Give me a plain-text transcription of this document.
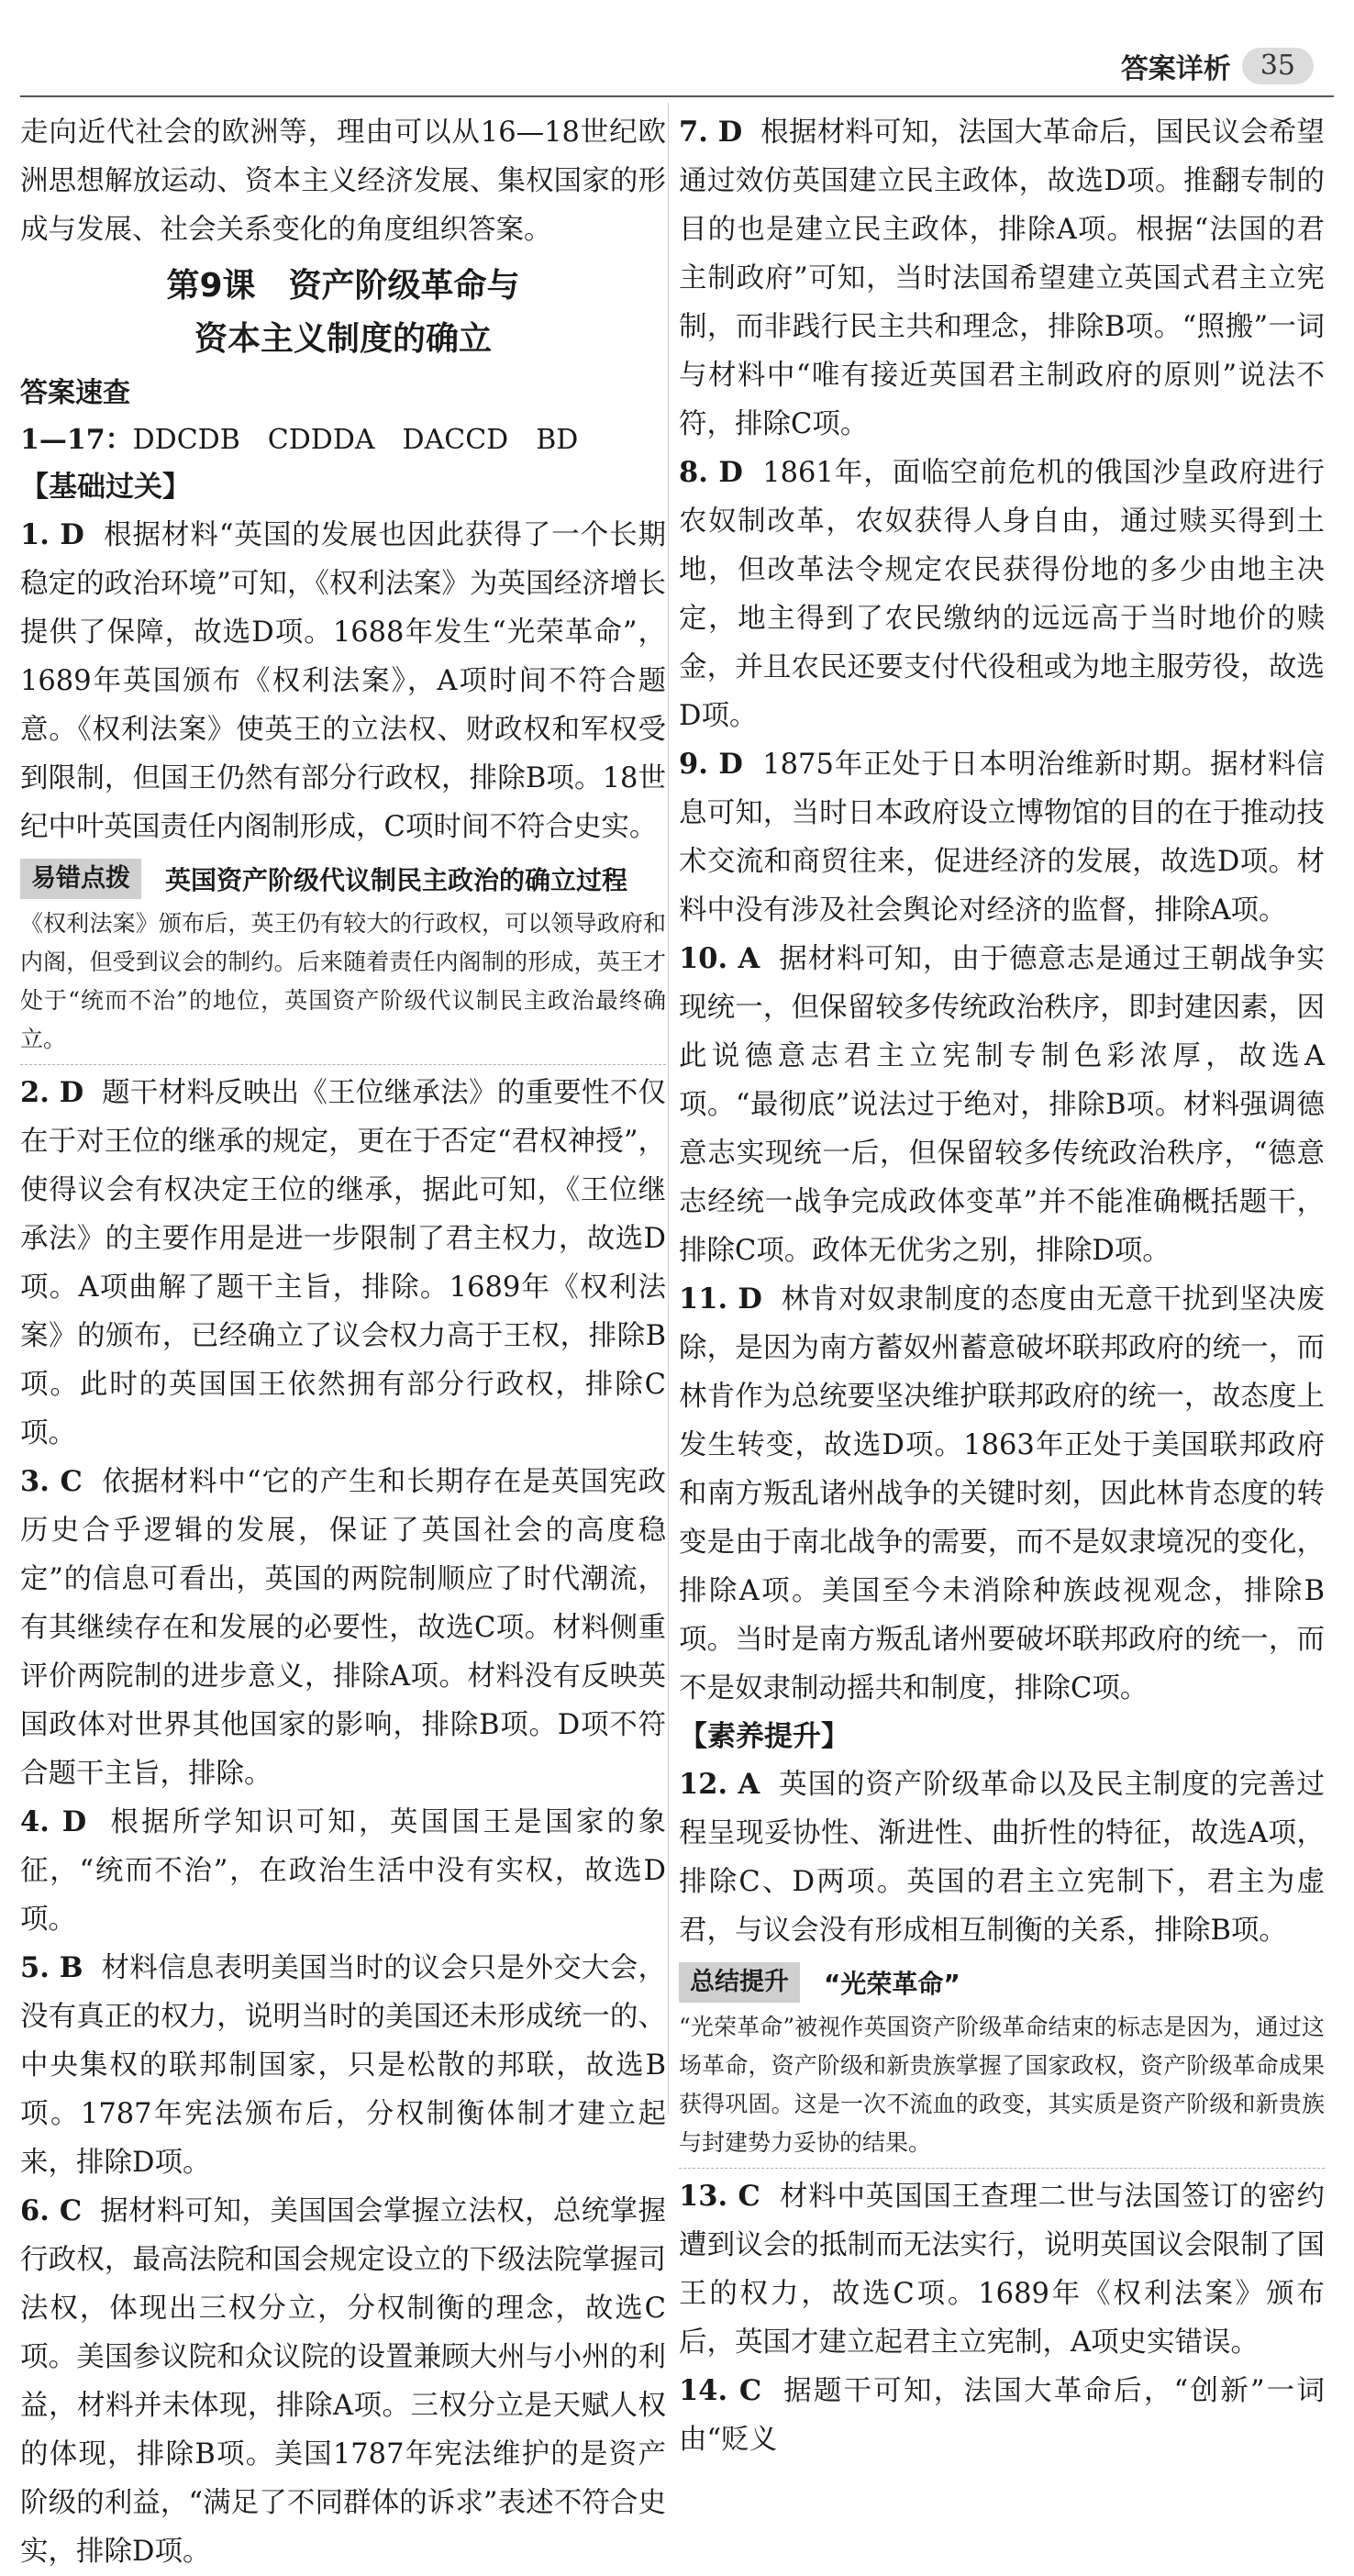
答案详析	35

走向近代社会的欧洲等，理由可以从16—18世纪欧洲思想解放运动、资本主义经济发展、集权国家的形成与发展、社会关系变化的角度组织答案。

第9课　资产阶级革命与
资本主义制度的确立
答案速查
1—17：DDCDB　CDDDA　DACCD　BD
【基础过关】

1. D 根据材料“英国的发展也因此获得了一个长期稳定的政治环境”可知，《权利法案》为英国经济增长提供了保障，故选D项。1688年发生“光荣革命”，1689年英国颁布《权利法案》，A项时间不符合题意。《权利法案》使英王的立法权、财政权和军权受到限制，但国王仍然有部分行政权，排除B项。18世纪中叶英国责任内阁制形成，C项时间不符合史实。

易错点拨	英国资产阶级代议制民主政治的确立过程

《权利法案》颁布后，英王仍有较大的行政权，可以领导政府和内阁，但受到议会的制约。后来随着责任内阁制的形成，英王才处于“统而不治”的地位，英国资产阶级代议制民主政治最终确立。

2. D 题干材料反映出《王位继承法》的重要性不仅在于对王位的继承的规定，更在于否定“君权神授”，使得议会有权决定王位的继承，据此可知，《王位继承法》的主要作用是进一步限制了君主权力，故选D项。A项曲解了题干主旨，排除。1689年《权利法案》的颁布，已经确立了议会权力高于王权，排除B项。此时的英国国王依然拥有部分行政权，排除C项。

3. C 依据材料中“它的产生和长期存在是英国宪政历史合乎逻辑的发展，保证了英国社会的高度稳定”的信息可看出，英国的两院制顺应了时代潮流，有其继续存在和发展的必要性，故选C项。材料侧重评价两院制的进步意义，排除A项。材料没有反映英国政体对世界其他国家的影响，排除B项。D项不符合题干主旨，排除。

4. D 根据所学知识可知，英国国王是国家的象征，“统而不治”，在政治生活中没有实权，故选D项。

5. B 材料信息表明美国当时的议会只是外交大会，没有真正的权力，说明当时的美国还未形成统一的、中央集权的联邦制国家，只是松散的邦联，故选B项。1787年宪法颁布后，分权制衡体制才建立起来，排除D项。

6. C 据材料可知，美国国会掌握立法权，总统掌握行政权，最高法院和国会规定设立的下级法院掌握司法权，体现出三权分立，分权制衡的理念，故选C项。美国参议院和众议院的设置兼顾大州与小州的利益，材料并未体现，排除A项。三权分立是天赋人权的体现，排除B项。美国1787年宪法维护的是资产阶级的利益，“满足了不同群体的诉求”表述不符合史实，排除D项。

7. D 根据材料可知，法国大革命后，国民议会希望通过效仿英国建立民主政体，故选D项。推翻专制的目的也是建立民主政体，排除A项。根据“法国的君主制政府”可知，当时法国希望建立英国式君主立宪制，而非践行民主共和理念，排除B项。“照搬”一词与材料中“唯有接近英国君主制政府的原则”说法不符，排除C项。

8. D 1861年，面临空前危机的俄国沙皇政府进行农奴制改革，农奴获得人身自由，通过赎买得到土地，但改革法令规定农民获得份地的多少由地主决定，地主得到了农民缴纳的远远高于当时地价的赎金，并且农民还要支付代役租或为地主服劳役，故选D项。

9. D 1875年正处于日本明治维新时期。据材料信息可知，当时日本政府设立博物馆的目的在于推动技术交流和商贸往来，促进经济的发展，故选D项。材料中没有涉及社会舆论对经济的监督，排除A项。

10. A 据材料可知，由于德意志是通过王朝战争实现统一，但保留较多传统政治秩序，即封建因素，因此说德意志君主立宪制专制色彩浓厚，故选A项。“最彻底”说法过于绝对，排除B项。材料强调德意志实现统一后，但保留较多传统政治秩序，“德意志经统一战争完成政体变革”并不能准确概括题干，排除C项。政体无优劣之别，排除D项。

11. D 林肯对奴隶制度的态度由无意干扰到坚决废除，是因为南方蓄奴州蓄意破坏联邦政府的统一，而林肯作为总统要坚决维护联邦政府的统一，故态度上发生转变，故选D项。1863年正处于美国联邦政府和南方叛乱诸州战争的关键时刻，因此林肯态度的转变是由于南北战争的需要，而不是奴隶境况的变化，排除A项。美国至今未消除种族歧视观念，排除B项。当时是南方叛乱诸州要破坏联邦政府的统一，而不是奴隶制动摇共和制度，排除C项。

【素养提升】

12. A 英国的资产阶级革命以及民主制度的完善过程呈现妥协性、渐进性、曲折性的特征，故选A项，排除C、D两项。英国的君主立宪制下，君主为虚君，与议会没有形成相互制衡的关系，排除B项。

总结提升	“光荣革命”

“光荣革命”被视作英国资产阶级革命结束的标志是因为，通过这场革命，资产阶级和新贵族掌握了国家政权，资产阶级革命成果获得巩固。这是一次不流血的政变，其实质是资产阶级和新贵族与封建势力妥协的结果。

13. C 材料中英国国王查理二世与法国签订的密约遭到议会的抵制而无法实行，说明英国议会限制了国王的权力，故选C项。1689年《权利法案》颁布后，英国才建立起君主立宪制，A项史实错误。

14. C 据题干可知，法国大革命后，“创新”一词由“贬义
